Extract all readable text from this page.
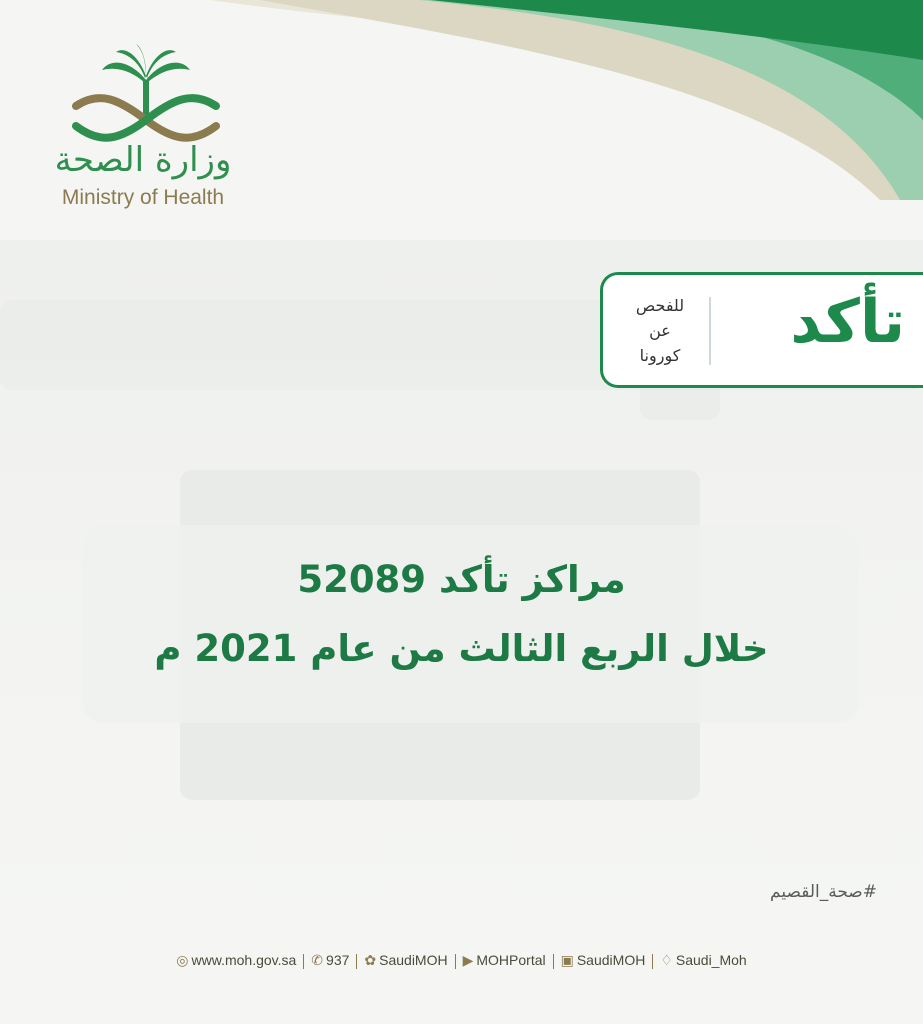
وزارة الصحة
Ministry of Health
تأكد
للفحص
عن
كورونا
مراكز تأكد 52089
خلال الربع الثالث من عام 2021 م
#صحة_القصيم
◎ www.moh.gov.sa ✆ 937 ✿ SaudiMOH ▶ MOHPortal ▣ SaudiMOH ♢ Saudi_Moh
